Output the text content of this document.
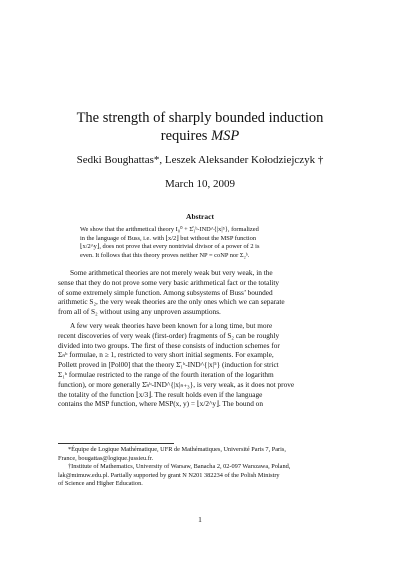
The strength of sharply bounded induction
requires MSP
Sedki Boughattas*, Leszek Aleksander Kołodziejczyk †
March 10, 2009
Abstract
We show that the arithmetical theory I₀⁰ + Σ̂₁ᵇ-IND^{|x|⁵}, formalized
in the language of Buss, i.e. with ⌊x/2⌋ but without the MSP function
⌊x/2^y⌋, does not prove that every nontrivial divisor of a power of 2 is
even. It follows that this theory proves neither NP = coNP nor Σ₂ᵇ.
Some arithmetical theories are not merely weak but very weak, in the
sense that they do not prove some very basic arithmetical fact or the totality
of some extremely simple function. Among subsystems of Buss’ bounded
arithmetic S₂, the very weak theories are the only ones which we can separate
from all of S₂ without using any unproven assumptions.
A few very weak theories have been known for a long time, but more
recent discoveries of very weak (first-order) fragments of S₂ can be roughly
divided into two groups. The first of these consists of induction schemes for
Σₙᵇ formulae, n ≥ 1, restricted to very short initial segments. For example,
Pollett proved in [Pol00] that the theory Σ̂₁ᵇ-IND^{|x|⁵} (induction for strict
Σ₁ᵇ formulae restricted to the range of the fourth iteration of the logarithm
function), or more generally Σ̂ₙᵇ-IND^{|x|ₙ₊₃}, is very weak, as it does not prove
the totality of the function ⌊x/3⌋. The result holds even if the language
contains the MSP function, where MSP(x, y) = ⌊x/2^y⌋. The bound on
*Équipe de Logique Mathématique, UFR de Mathématiques, Université Paris 7, Paris,
France, bougattas@logique.jussieu.fr.
†Institute of Mathematics, University of Warsaw, Banacha 2, 02-097 Warszawa, Poland,
lak@mimuw.edu.pl. Partially supported by grant N N201 382234 of the Polish Ministry
of Science and Higher Education.
1
